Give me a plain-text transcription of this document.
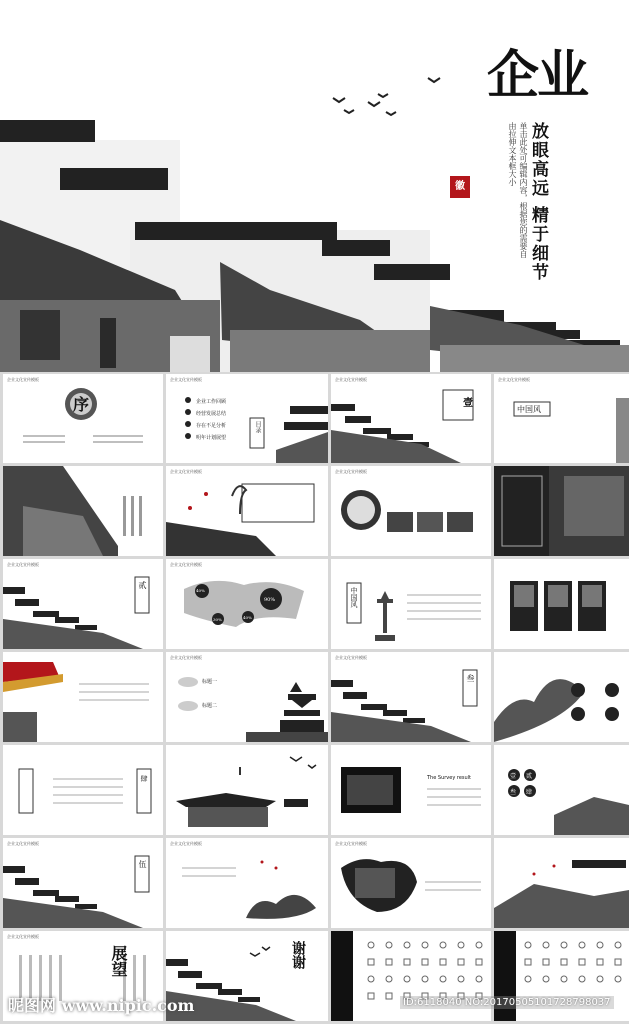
企业
放眼高远 精于细节
单击此处可编辑内容，根据您的需要自由拉伸文本框大小
徽
企业文化宣传模板
序
企业文化宣传模板
企业工作回顾
经营发展总结
存在不足分析
明年计划展望
目录
企业文化宣传模板
壹
企业文化宣传模板
中国风
企业文化宣传模板	企业文化宣传模板
企业文化宣传模板
贰
企业文化宣传模板
40%
90%
30%	40%
中国风
企业文化宣传模板
标题一
标题二
企业文化宣传模板
叁
肆	The Survey result	壹 贰
叁 肆
企业文化宣传模板
伍
企业文化宣传模板	企业文化宣传模板
企业文化宣传模板
展望	谢谢
昵图网 www.nipic.com	ID:6118040 NO:20170505101728798037
